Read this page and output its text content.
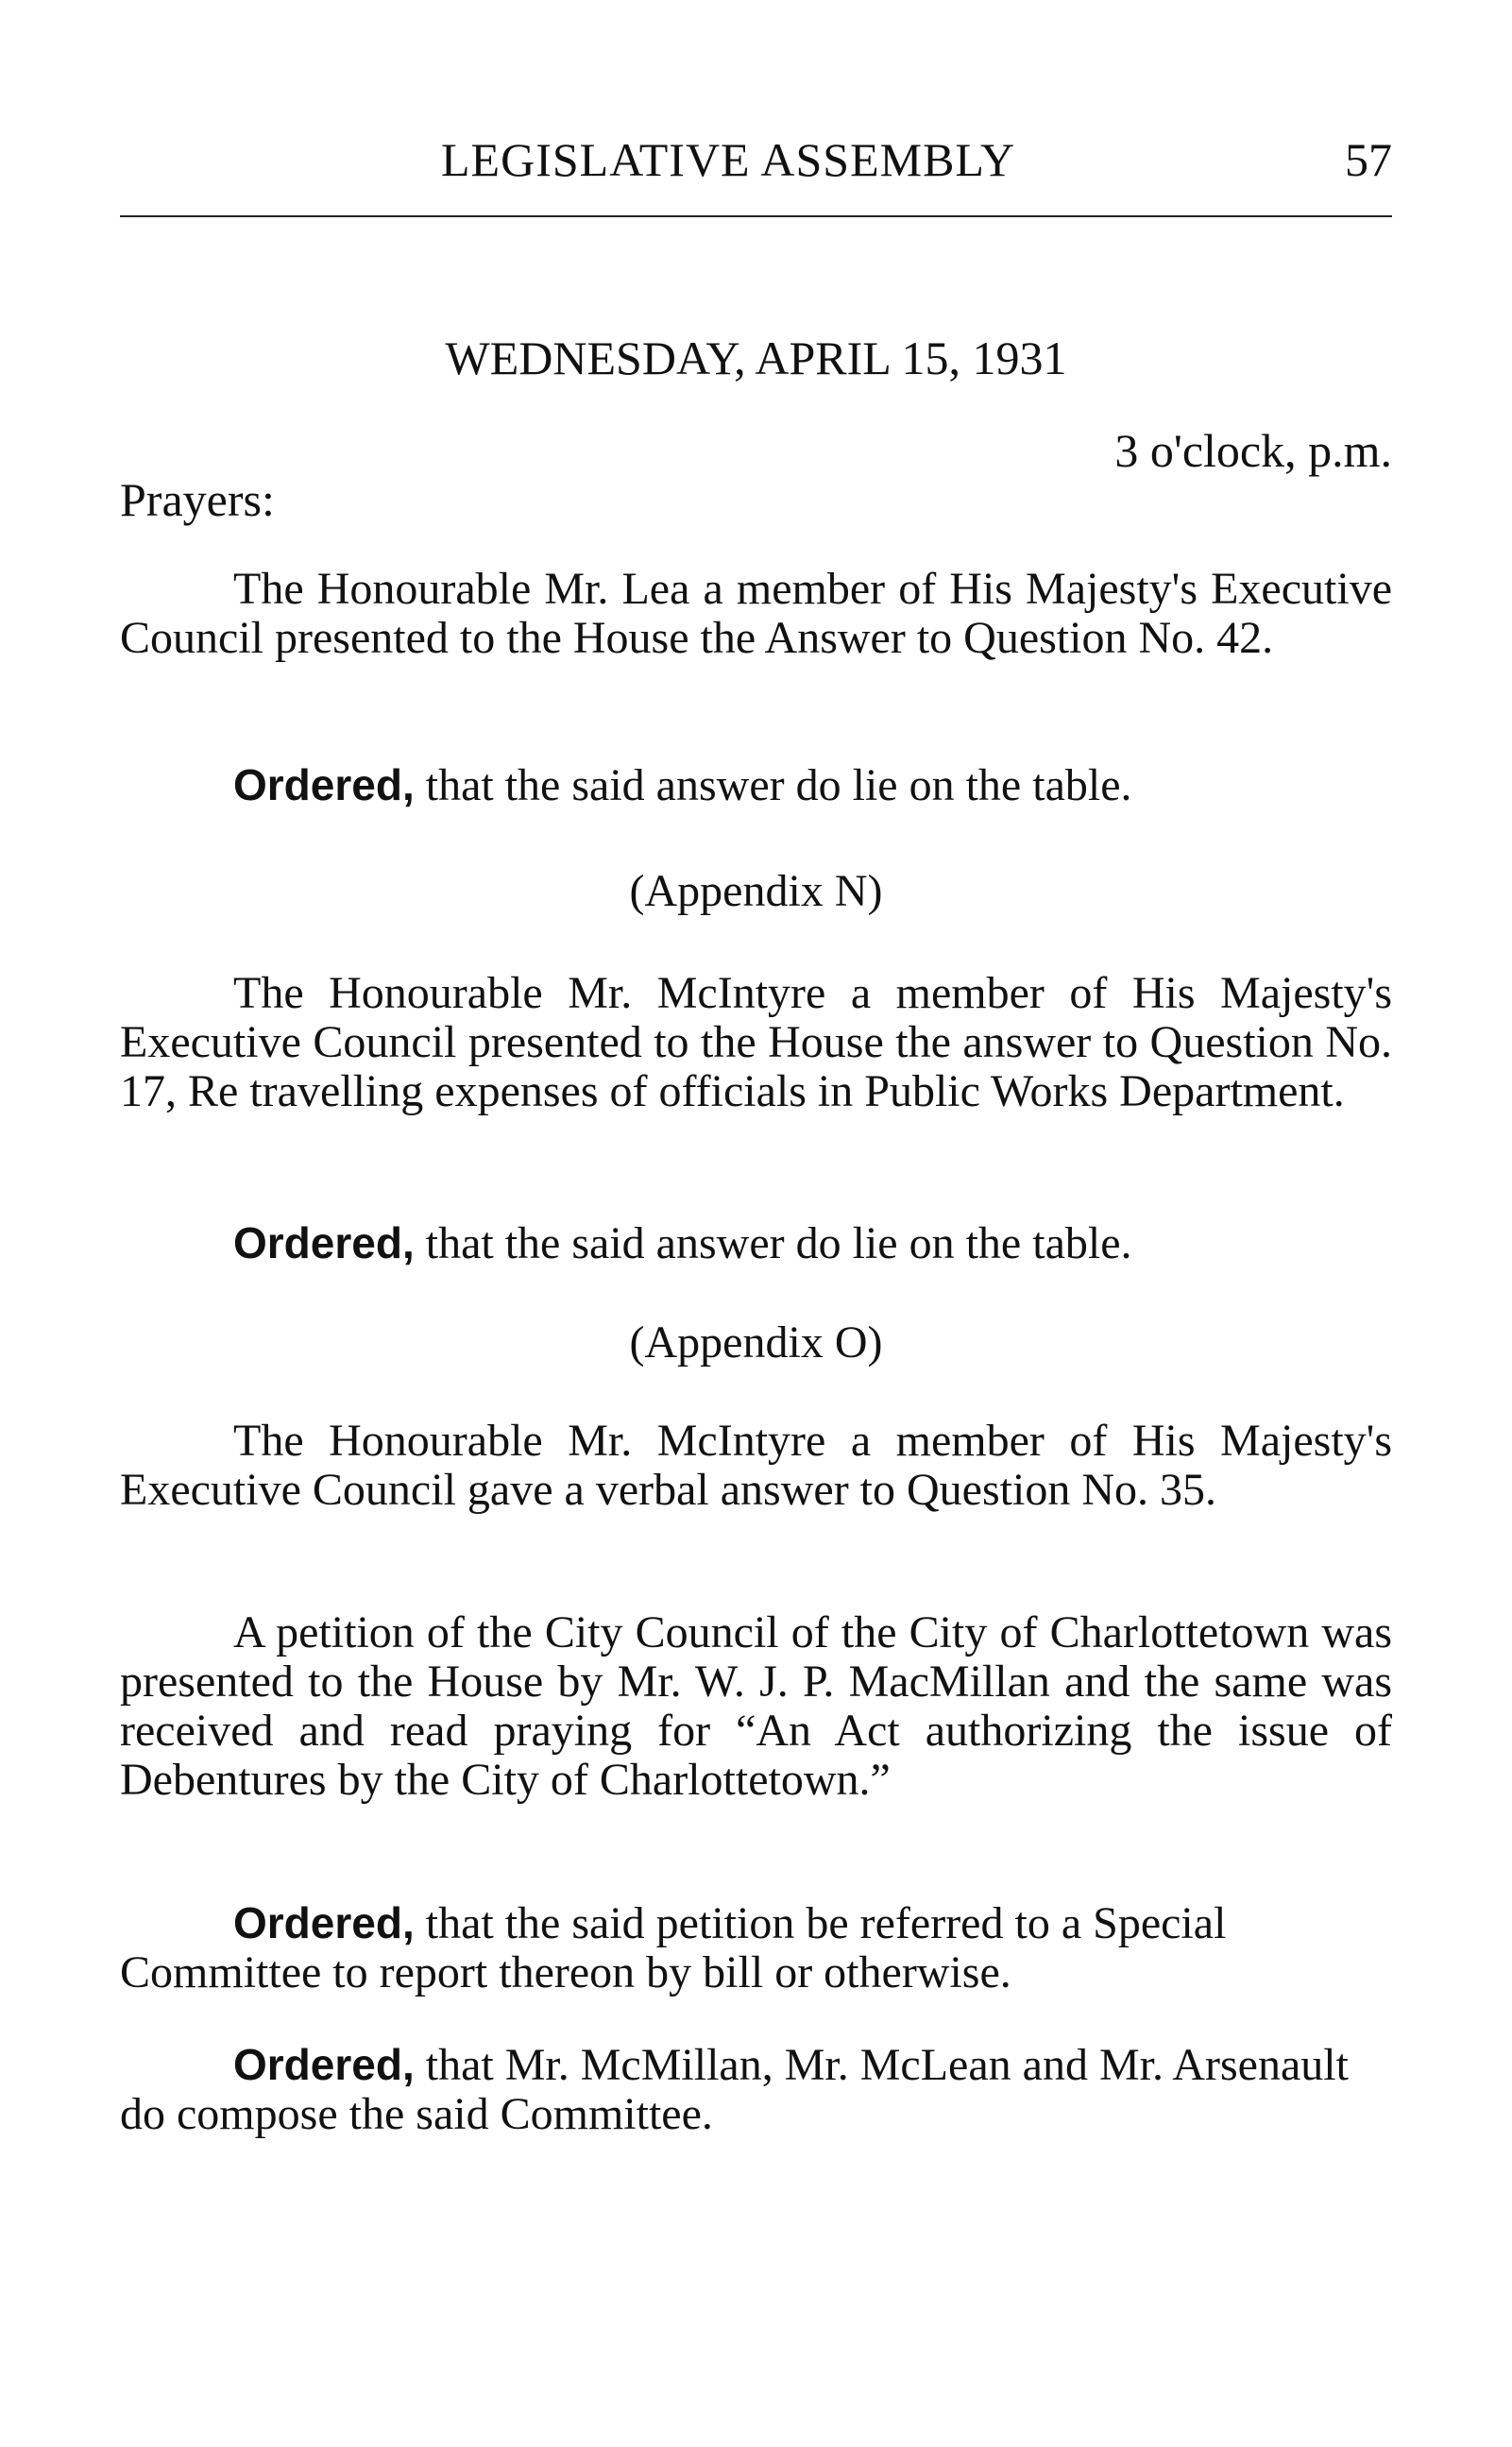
LEGISLATIVE ASSEMBLY	57
WEDNESDAY, APRIL 15, 1931
3 o'clock, p.m.
Prayers:

The Honourable Mr. Lea a member of His Majesty's Executive Council presented to the House the Answer to Question No. 42.

Ordered, that the said answer do lie on the table.

(Appendix N)

The Honourable Mr. McIntyre a member of His Majesty's Executive Council presented to the House the answer to Question No. 17, Re travelling expenses of officials in Public Works Department.

Ordered, that the said answer do lie on the table.

(Appendix O)

The Honourable Mr. McIntyre a member of His Majesty's Executive Council gave a verbal answer to Question No. 35.

A petition of the City Council of the City of Charlottetown was presented to the House by Mr. W. J. P. MacMillan and the same was received and read praying for “An Act authorizing the issue of Debentures by the City of Charlottetown.”

Ordered, that the said petition be referred to a Special Committee to report thereon by bill or otherwise.

Ordered, that Mr. McMillan, Mr. McLean and Mr. Arsenault do compose the said Committee.
